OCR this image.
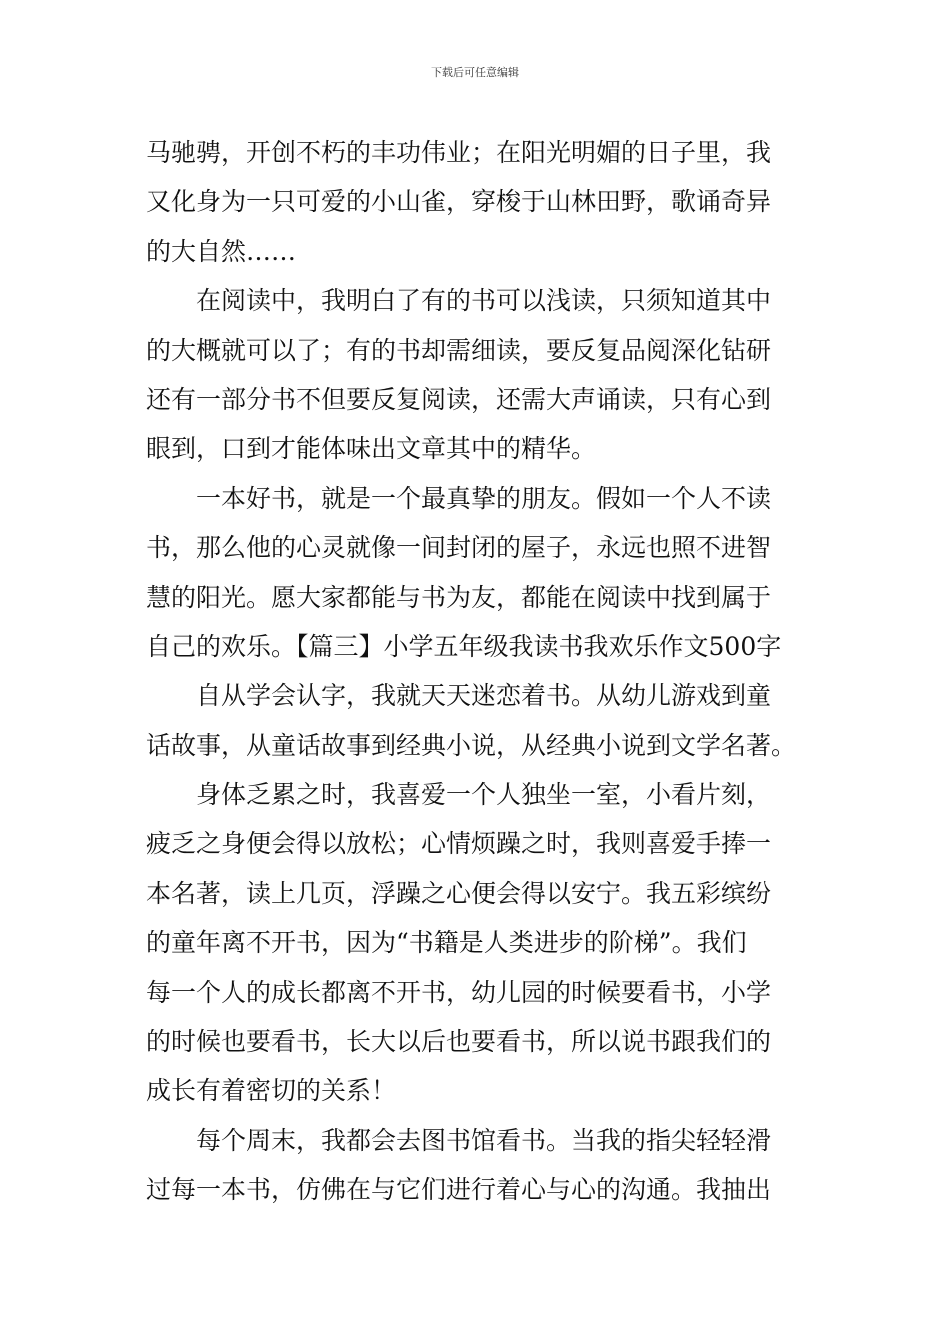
下载后可任意编辑
马驰骋，开创不朽的丰功伟业；在阳光明媚的日子里，我
又化身为一只可爱的小山雀，穿梭于山林田野，歌诵奇异
的大自然……
　　在阅读中，我明白了有的书可以浅读，只须知道其中
的大概就可以了；有的书却需细读，要反复品阅深化钻研
还有一部分书不但要反复阅读，还需大声诵读，只有心到
眼到，口到才能体味出文章其中的精华。
　　一本好书，就是一个最真挚的朋友。假如一个人不读
书，那么他的心灵就像一间封闭的屋子，永远也照不进智
慧的阳光。愿大家都能与书为友，都能在阅读中找到属于
自己的欢乐。【篇三】小学五年级我读书我欢乐作文500字
　　自从学会认字，我就天天迷恋着书。从幼儿游戏到童
话故事，从童话故事到经典小说，从经典小说到文学名著。
　　身体乏累之时，我喜爱一个人独坐一室，小看片刻，
疲乏之身便会得以放松；心情烦躁之时，我则喜爱手捧一
本名著，读上几页，浮躁之心便会得以安宁。我五彩缤纷
的童年离不开书，因为“书籍是人类进步的阶梯”。我们
每一个人的成长都离不开书，幼儿园的时候要看书，小学
的时候也要看书，长大以后也要看书，所以说书跟我们的
成长有着密切的关系！
　　每个周末，我都会去图书馆看书。当我的指尖轻轻滑
过每一本书，仿佛在与它们进行着心与心的沟通。我抽出
